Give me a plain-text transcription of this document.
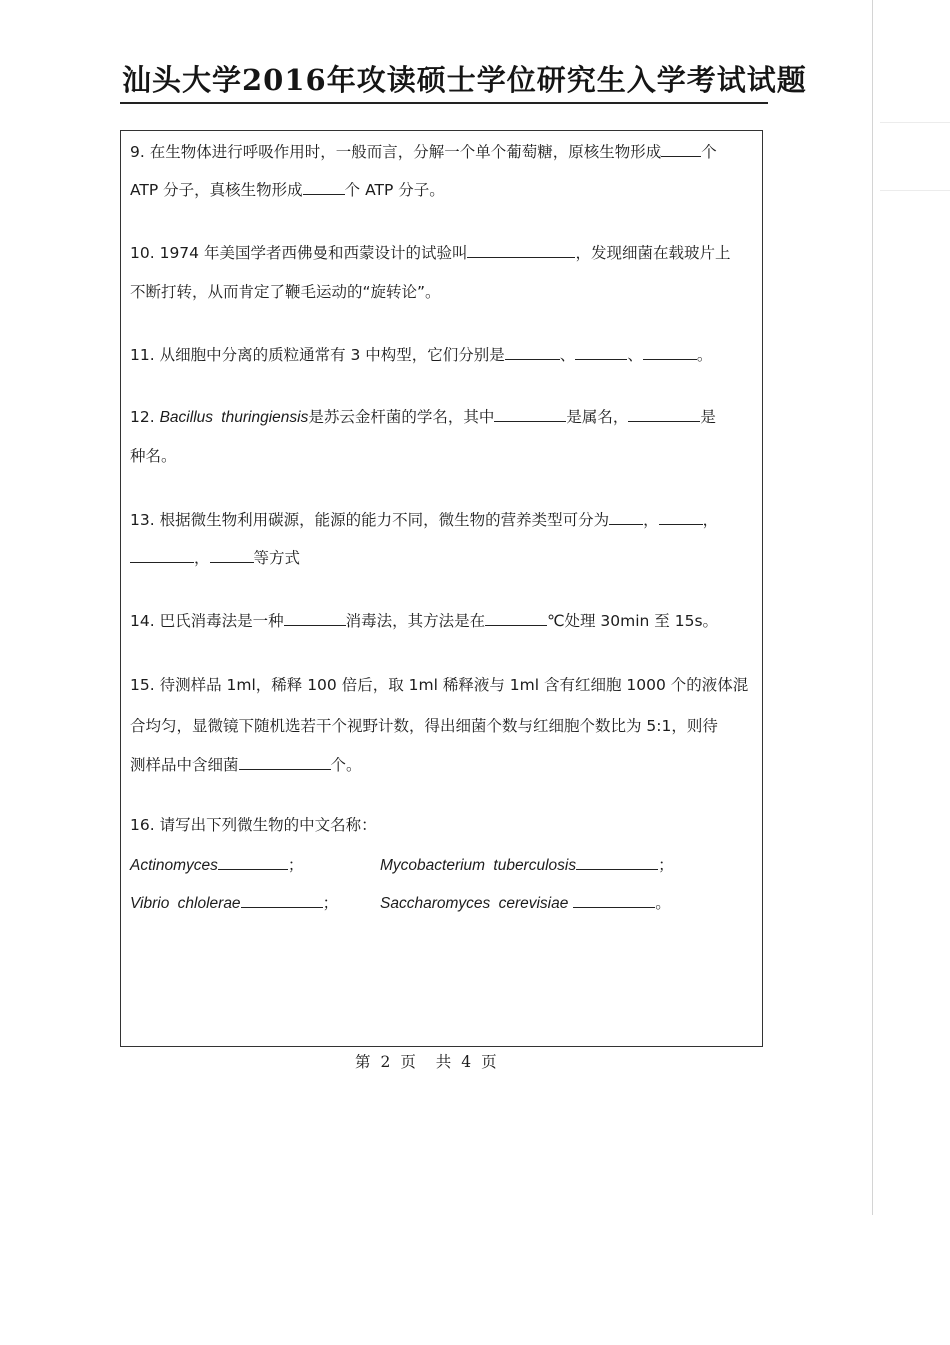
汕头大学2016年攻读硕士学位研究生入学考试试题
9. 在生物体进行呼吸作用时，一般而言，分解一个单个葡萄糖，原核生物形成	个
ATP 分子，真核生物形成	个 ATP 分子。
10. 1974 年美国学者西佛曼和西蒙设计的试验叫	，发现细菌在载玻片上
不断打转，从而肯定了鞭毛运动的“旋转论”。
11. 从细胞中分离的质粒通常有 3 中构型，它们分别是	、	、	。
12. Bacillus thuringiensis是苏云金杆菌的学名，其中	是属名，	是
种名。
13. 根据微生物利用碳源，能源的能力不同，微生物的营养类型可分为 ，	，
，	等方式
14. 巴氏消毒法是一种	消毒法，其方法是在	℃处理 30min 至 15s。
15. 待测样品 1ml，稀释 100 倍后，取 1ml 稀释液与 1ml 含有红细胞 1000 个的液体混
合均匀，显微镜下随机选若干个视野计数，得出细菌个数与红细胞个数比为 5:1，则待
测样品中含细菌	个。
16. 请写出下列微生物的中文名称：
Actinomyces	；	Mycobacterium tuberculosis	；
Vibrio chlolerae	；	Saccharomyces cerevisiae	。
第 2 页 共 4 页
